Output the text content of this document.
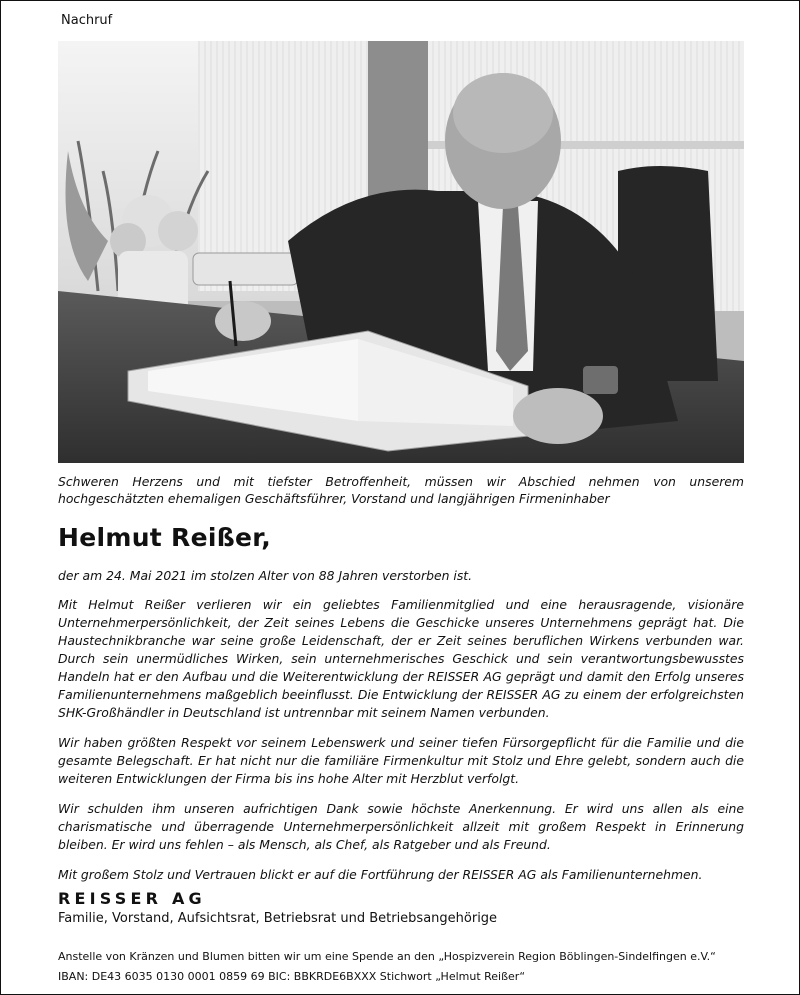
Nachruf
Schweren Herzens und mit tiefster Betroffenheit, müssen wir Abschied nehmen von unserem hochgeschätzten ehemaligen Geschäftsführer, Vorstand und langjährigen Firmeninhaber
Helmut Reißer,

der am 24. Mai 2021 im stolzen Alter von 88 Jahren verstorben ist.

Mit Helmut Reißer verlieren wir ein geliebtes Familienmitglied und eine herausragende, visionäre Unternehmerpersönlichkeit, der Zeit seines Lebens die Geschicke unseres Unternehmens geprägt hat. Die Haustechnikbranche war seine große Leidenschaft, der er Zeit seines beruflichen Wirkens verbunden war. Durch sein unermüdliches Wirken, sein unternehmerisches Geschick und sein verantwortungsbewusstes Handeln hat er den Aufbau und die Weiterentwicklung der REISSER AG geprägt und damit den Erfolg unseres Familienunternehmens maßgeblich beeinflusst. Die Entwicklung der REISSER AG zu einem der erfolgreichsten SHK-Großhändler in Deutschland ist untrennbar mit seinem Namen verbunden.

Wir haben größten Respekt vor seinem Lebenswerk und seiner tiefen Fürsorgepflicht für die Familie und die gesamte Belegschaft. Er hat nicht nur die familiäre Firmenkultur mit Stolz und Ehre gelebt, sondern auch die weiteren Entwicklungen der Firma bis ins hohe Alter mit Herzblut verfolgt.

Wir schulden ihm unseren aufrichtigen Dank sowie höchste Anerkennung. Er wird uns allen als eine charismatische und überragende Unternehmerpersönlichkeit allzeit mit großem Respekt in Erinnerung bleiben. Er wird uns fehlen – als Mensch, als Chef, als Ratgeber und als Freund.

Mit großem Stolz und Vertrauen blickt er auf die Fortführung der REISSER AG als Familienunternehmen.

REISSER AG
Familie, Vorstand, Aufsichtsrat, Betriebsrat und Betriebsangehörige
Anstelle von Kränzen und Blumen bitten wir um eine Spende an den „Hospizverein Region Böblingen-Sindelfingen e.V.“
IBAN: DE43 6035 0130 0001 0859 69 BIC: BBKRDE6BXXX Stichwort „Helmut Reißer“
